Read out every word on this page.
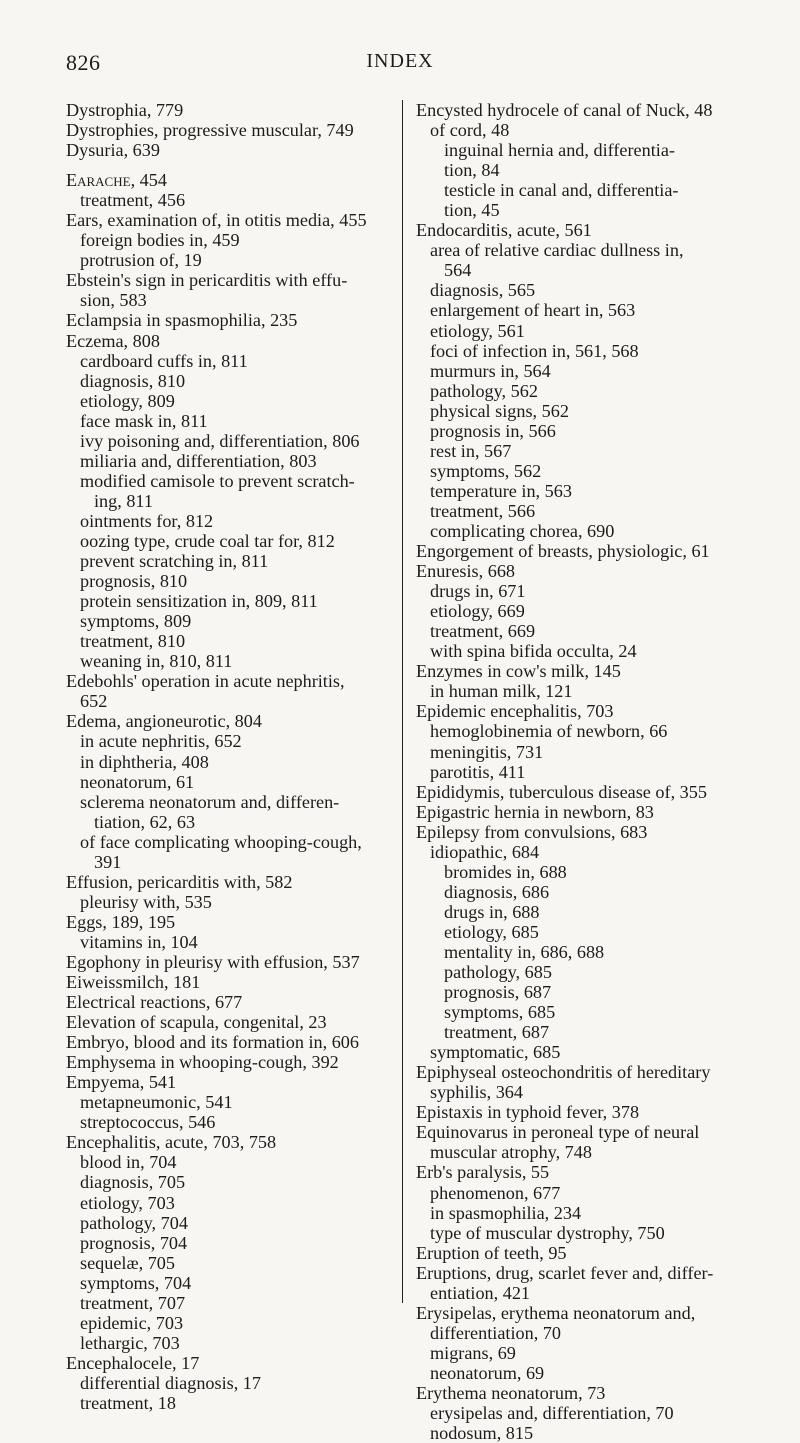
826	INDEX
Dystrophia, 779
Dystrophies, progressive muscular, 749
Dysuria, 639
Earache, 454
treatment, 456
Ears, examination of, in otitis media, 455
foreign bodies in, 459
protrusion of, 19
Ebstein's sign in pericarditis with effu-
sion, 583
Eclampsia in spasmophilia, 235
Eczema, 808
cardboard cuffs in, 811
diagnosis, 810
etiology, 809
face mask in, 811
ivy poisoning and, differentiation, 806
miliaria and, differentiation, 803
modified camisole to prevent scratch-
ing, 811
ointments for, 812
oozing type, crude coal tar for, 812
prevent scratching in, 811
prognosis, 810
protein sensitization in, 809, 811
symptoms, 809
treatment, 810
weaning in, 810, 811
Edebohls' operation in acute nephritis,
652
Edema, angioneurotic, 804
in acute nephritis, 652
in diphtheria, 408
neonatorum, 61
sclerema neonatorum and, differen-
tiation, 62, 63
of face complicating whooping-cough,
391
Effusion, pericarditis with, 582
pleurisy with, 535
Eggs, 189, 195
vitamins in, 104
Egophony in pleurisy with effusion, 537
Eiweissmilch, 181
Electrical reactions, 677
Elevation of scapula, congenital, 23
Embryo, blood and its formation in, 606
Emphysema in whooping-cough, 392
Empyema, 541
metapneumonic, 541
streptococcus, 546
Encephalitis, acute, 703, 758
blood in, 704
diagnosis, 705
etiology, 703
pathology, 704
prognosis, 704
sequelæ, 705
symptoms, 704
treatment, 707
epidemic, 703
lethargic, 703
Encephalocele, 17
differential diagnosis, 17
treatment, 18
Encysted hydrocele of canal of Nuck, 48
of cord, 48
inguinal hernia and, differentia-
tion, 84
testicle in canal and, differentia-
tion, 45
Endocarditis, acute, 561
area of relative cardiac dullness in,
564
diagnosis, 565
enlargement of heart in, 563
etiology, 561
foci of infection in, 561, 568
murmurs in, 564
pathology, 562
physical signs, 562
prognosis in, 566
rest in, 567
symptoms, 562
temperature in, 563
treatment, 566
complicating chorea, 690
Engorgement of breasts, physiologic, 61
Enuresis, 668
drugs in, 671
etiology, 669
treatment, 669
with spina bifida occulta, 24
Enzymes in cow's milk, 145
in human milk, 121
Epidemic encephalitis, 703
hemoglobinemia of newborn, 66
meningitis, 731
parotitis, 411
Epididymis, tuberculous disease of, 355
Epigastric hernia in newborn, 83
Epilepsy from convulsions, 683
idiopathic, 684
bromides in, 688
diagnosis, 686
drugs in, 688
etiology, 685
mentality in, 686, 688
pathology, 685
prognosis, 687
symptoms, 685
treatment, 687
symptomatic, 685
Epiphyseal osteochondritis of hereditary
syphilis, 364
Epistaxis in typhoid fever, 378
Equinovarus in peroneal type of neural
muscular atrophy, 748
Erb's paralysis, 55
phenomenon, 677
in spasmophilia, 234
type of muscular dystrophy, 750
Eruption of teeth, 95
Eruptions, drug, scarlet fever and, differ-
entiation, 421
Erysipelas, erythema neonatorum and,
differentiation, 70
migrans, 69
neonatorum, 69
Erythema neonatorum, 73
erysipelas and, differentiation, 70
nodosum, 815
